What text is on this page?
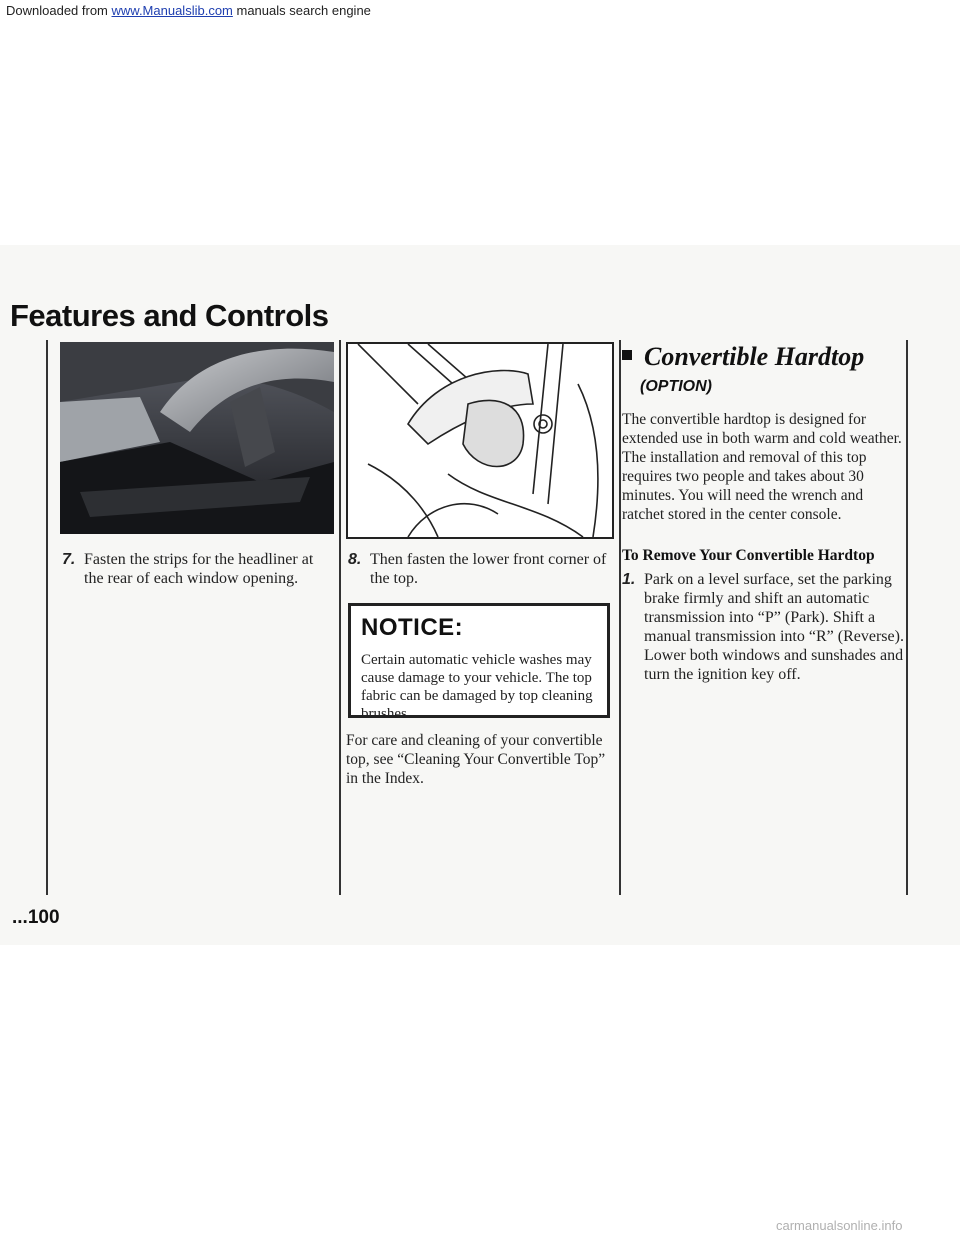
Downloaded from www.Manualslib.com manuals search engine
Features and Controls
7. Fasten the strips for the headliner at the rear of each window opening.
8. Then fasten the lower front corner of the top.
NOTICE:
Certain automatic vehicle washes may cause damage to your vehicle. The top fabric can be damaged by top cleaning brushes.
For care and cleaning of your convertible top, see “Cleaning Your Convertible Top” in the Index.
Convertible Hardtop
(OPTION)
The convertible hardtop is designed for extended use in both warm and cold weather. The installation and removal of this top requires two people and takes about 30 minutes. You will need the wrench and ratchet stored in the center console.
To Remove Your Convertible Hardtop
1. Park on a level surface, set the parking brake firmly and shift an automatic transmission into “P” (Park). Shift a manual transmission into “R” (Reverse). Lower both windows and sunshades and turn the ignition key off.
...100
carmanualsonline.info
